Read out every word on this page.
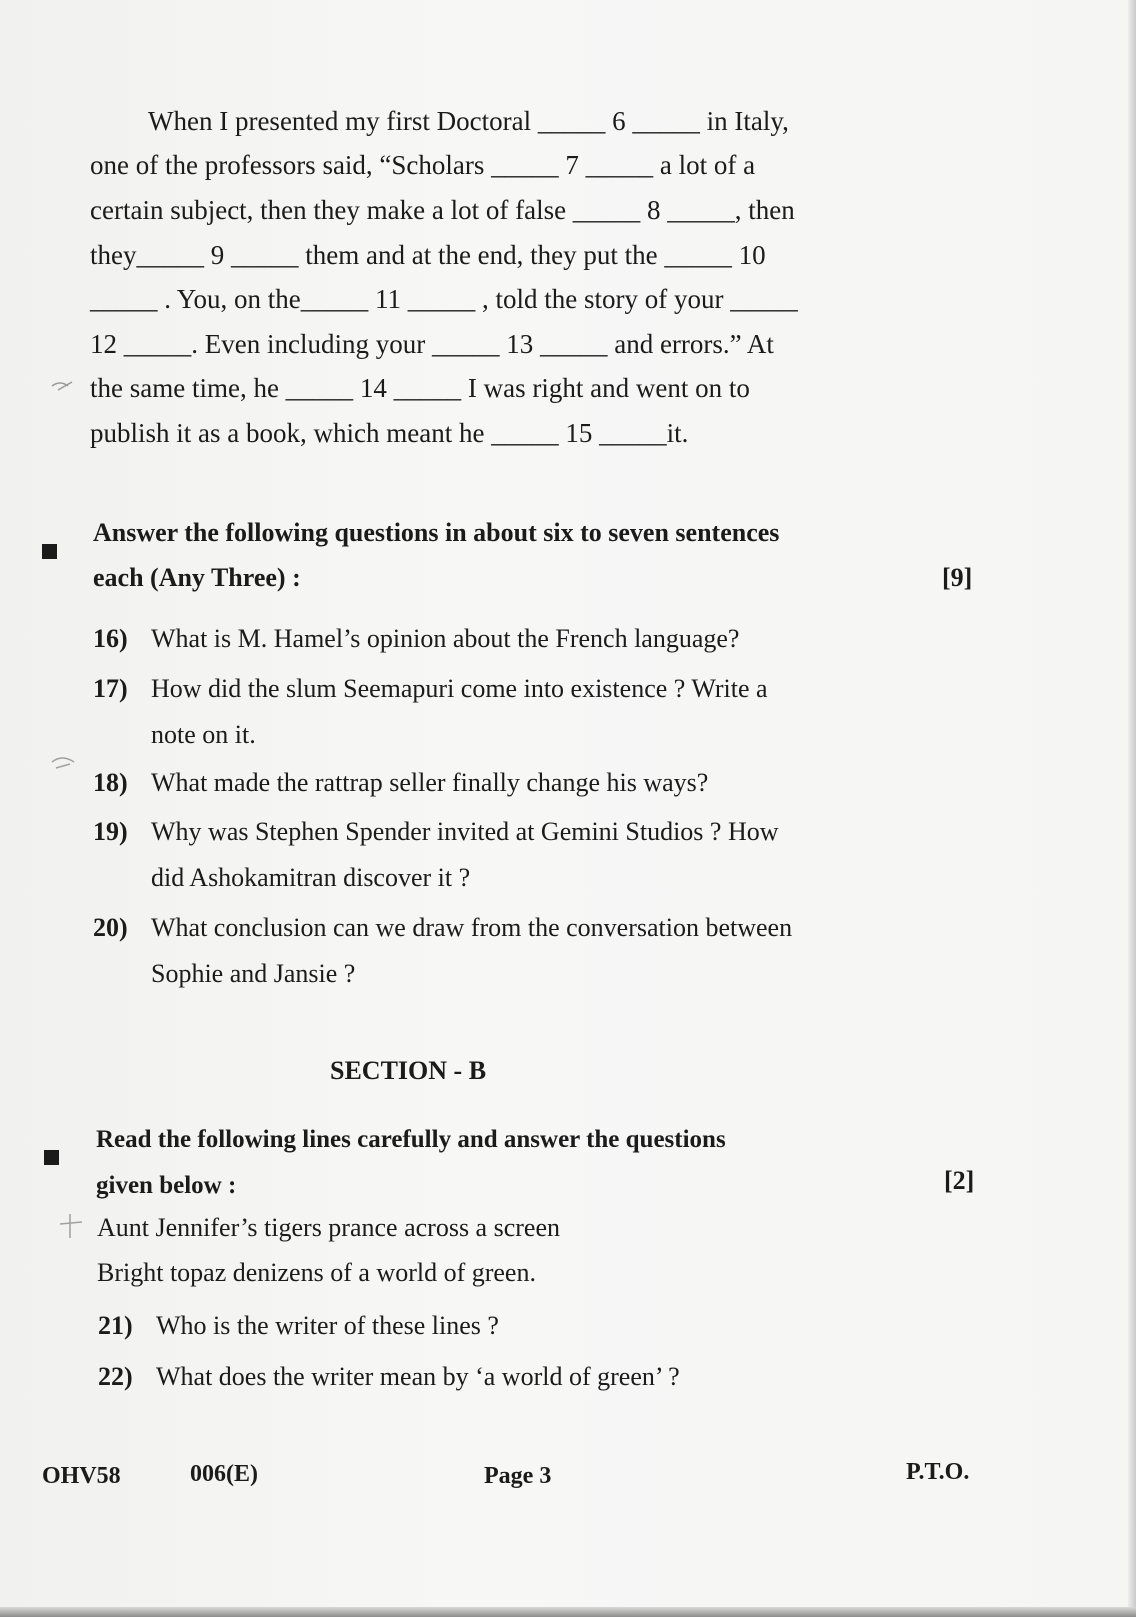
When I presented my first Doctoral _____ 6 _____ in Italy,
one of the professors said, “Scholars _____ 7 _____ a lot of a
certain subject, then they make a lot of false _____ 8 _____, then
they_____ 9 _____ them and at the end, they put the _____ 10
_____ . You, on the_____ 11 _____ , told the story of your _____
12 _____. Even including your _____ 13 _____ and errors.” At
the same time, he _____ 14 _____ I was right and went on to
publish it as a book, which meant he _____ 15 _____it.
Answer the following questions in about six to seven sentences
each (Any Three) :	[9]
16) What is M. Hamel’s opinion about the French language?
17) How did the slum Seemapuri come into existence ? Write a
note on it.
18) What made the rattrap seller finally change his ways?
19) Why was Stephen Spender invited at Gemini Studios ? How
did Ashokamitran discover it ?
20) What conclusion can we draw from the conversation between
Sophie and Jansie ?
SECTION - B
Read the following lines carefully and answer the questions
given below :	[2]
Aunt Jennifer’s tigers prance across a screen
Bright topaz denizens of a world of green.
21) Who is the writer of these lines ?
22) What does the writer mean by ‘a world of green’ ?
OHV58	006(E)	Page 3	P.T.O.
